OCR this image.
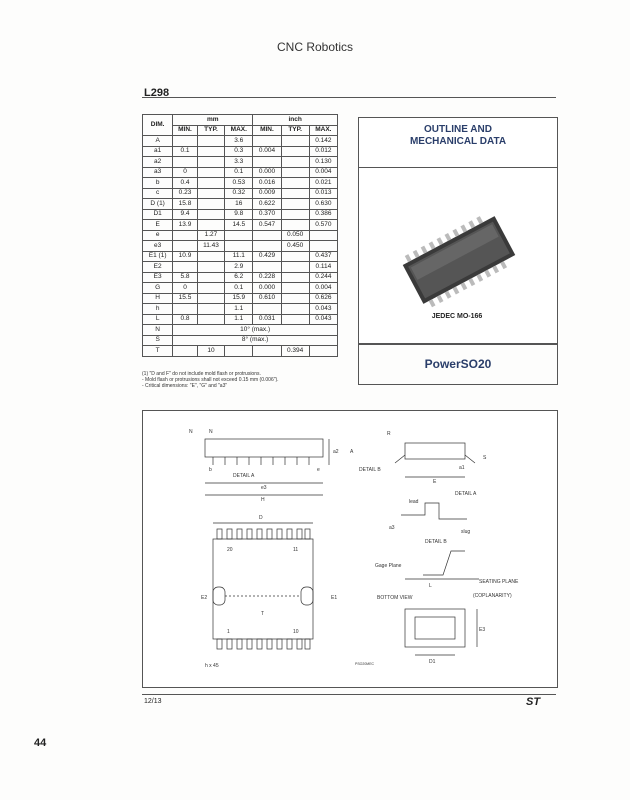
CNC Robotics
L298
DIM.	mm			inch		
	MIN.	TYP.	MAX.	MIN.	TYP.	MAX.
A			3.6			0.142
a1	0.1		0.3	0.004		0.012
a2			3.3			0.130
a3	0		0.1	0.000		0.004
b	0.4		0.53	0.016		0.021
c	0.23		0.32	0.009		0.013
D (1)	15.8		16	0.622		0.630
D1	9.4		9.8	0.370		0.386
E	13.9		14.5	0.547		0.570
e		1.27			0.050	
e3		11.43			0.450	
E1 (1)	10.9		11.1	0.429		0.437
E2			2.9			0.114
E3	5.8		6.2	0.228		0.244
G	0		0.1	0.000		0.004
H	15.5		15.9	0.610		0.626
h			1.1			0.043
L	0.8		1.1	0.031		0.043
N	10° (max.)					
S	8° (max.)					
T		10			0.394	
(1) "D and F" do not include mold flash or protrusions.
- Mold flash or protrusions shall not exceed 0.15 mm (0.006").
- Critical dimensions: "E", "G" and "a3"
OUTLINE AND
MECHANICAL DATA
JEDEC MO-166
PowerSO20
N	N
a2 A
DETAIL A
b	e
e3
H
R
DETAIL B	a1
S
E
D
20	11
1	10
E2
T
E1
h x 45
lead
DETAIL A
slug
a3
DETAIL B
Gage Plane
SEATING PLANE
(COPLANARITY)
L
BOTTOM VIEW
E3
D1
PSO20MEC
12/13	ST
44
